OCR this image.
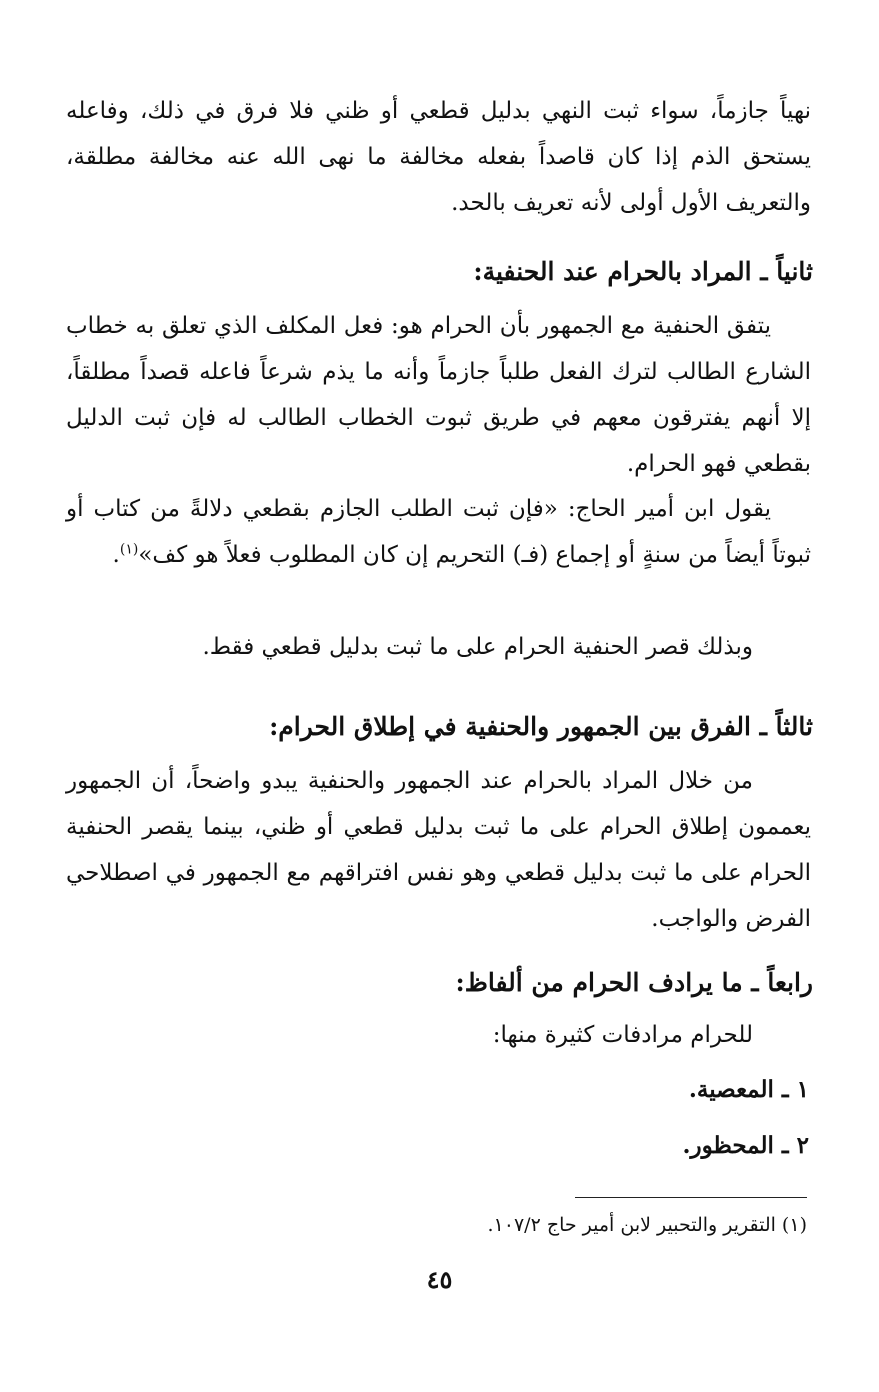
نهياً جازماً، سواء ثبت النهي بدليل قطعي أو ظني فلا فرق في ذلك، وفاعله يستحق الذم إذا كان قاصداً بفعله مخالفة ما نهى الله عنه مخالفة مطلقة، والتعريف الأول أولى لأنه تعريف بالحد.

ثانياً ـ المراد بالحرام عند الحنفية:

يتفق الحنفية مع الجمهور بأن الحرام هو: فعل المكلف الذي تعلق به خطاب الشارع الطالب لترك الفعل طلباً جازماً وأنه ما يذم شرعاً فاعله قصداً مطلقاً، إلا أنهم يفترقون معهم في طريق ثبوت الخطاب الطالب له فإن ثبت الدليل بقطعي فهو الحرام.

يقول ابن أمير الحاج: «فإن ثبت الطلب الجازم بقطعي دلالةً من كتاب أو ثبوتاً أيضاً من سنةٍ أو إجماع (فـ) التحريم إن كان المطلوب فعلاً هو كف»$^{(١)}$.

وبذلك قصر الحنفية الحرام على ما ثبت بدليل قطعي فقط.

ثالثاً ـ الفرق بين الجمهور والحنفية في إطلاق الحرام:

من خلال المراد بالحرام عند الجمهور والحنفية يبدو واضحاً، أن الجمهور يعممون إطلاق الحرام على ما ثبت بدليل قطعي أو ظني، بينما يقصر الحنفية الحرام على ما ثبت بدليل قطعي وهو نفس افتراقهم مع الجمهور في اصطلاحي الفرض والواجب.

رابعاً ـ ما يرادف الحرام من ألفاظ:

للحرام مرادفات كثيرة منها:

١ ـ المعصية.

٢ ـ المحظور.

(١) التقرير والتحبير لابن أمير حاج ١٠٧/٢.

٤٥
